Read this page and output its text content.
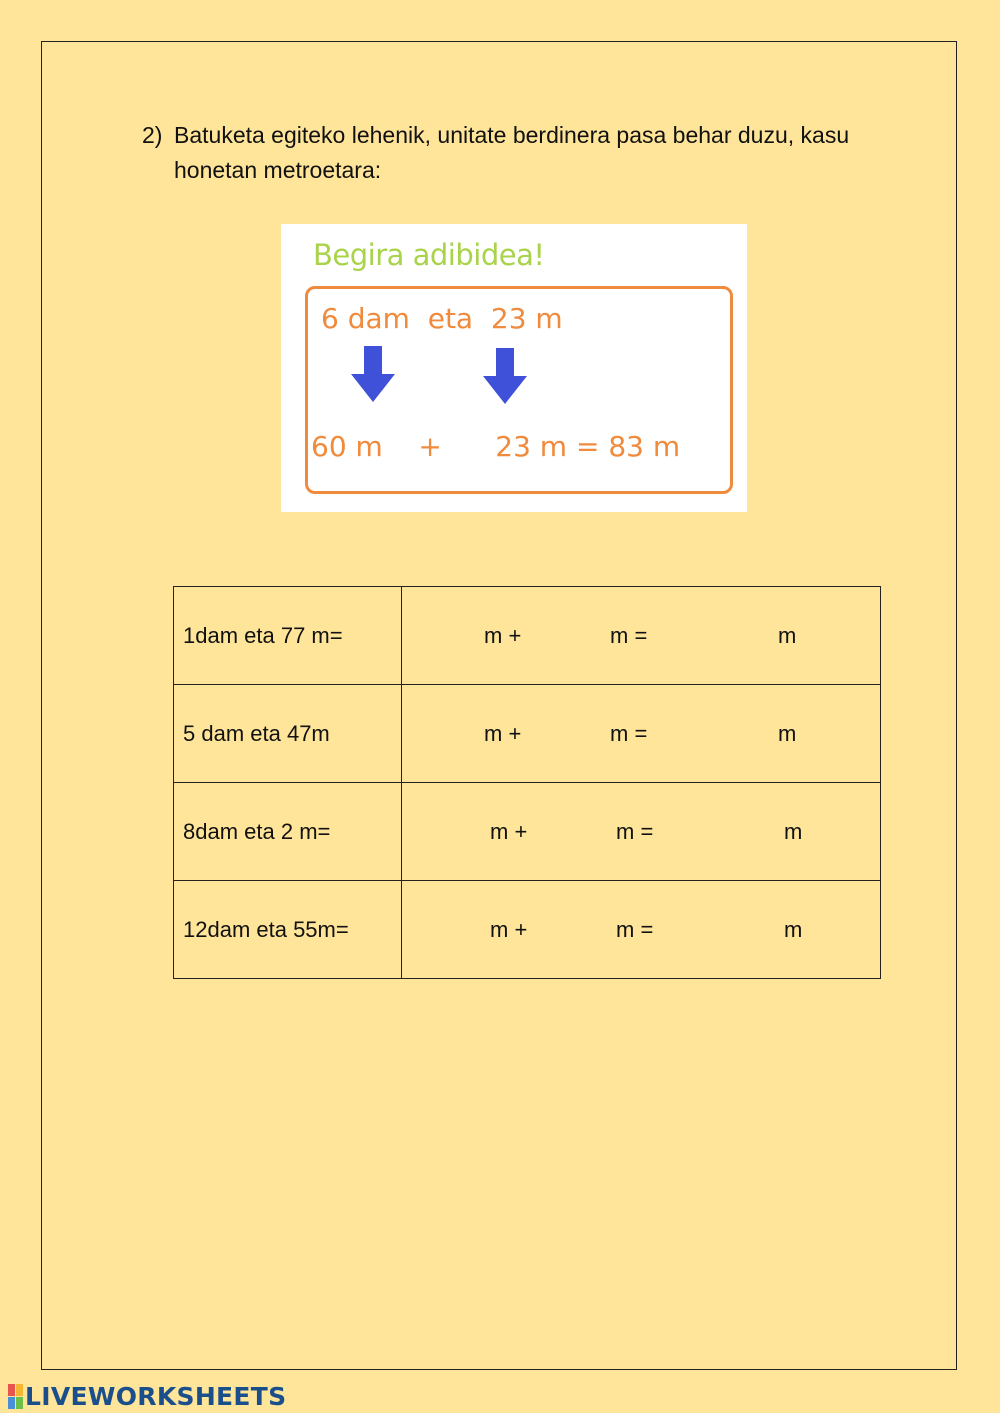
2) Batuketa egiteko lehenik, unitate berdinera pasa behar duzu, kasu honetan metroetara:
Begira adibidea!
6 dam  eta  23 m
60 m    +      23 m = 83 m
1dam eta 77 m=	m + m = m

5 dam eta 47m	m + m = m

8dam eta 2 m=	m + m = m

12dam eta 55m=	m + m = m
LIVEWORKSHEETS
